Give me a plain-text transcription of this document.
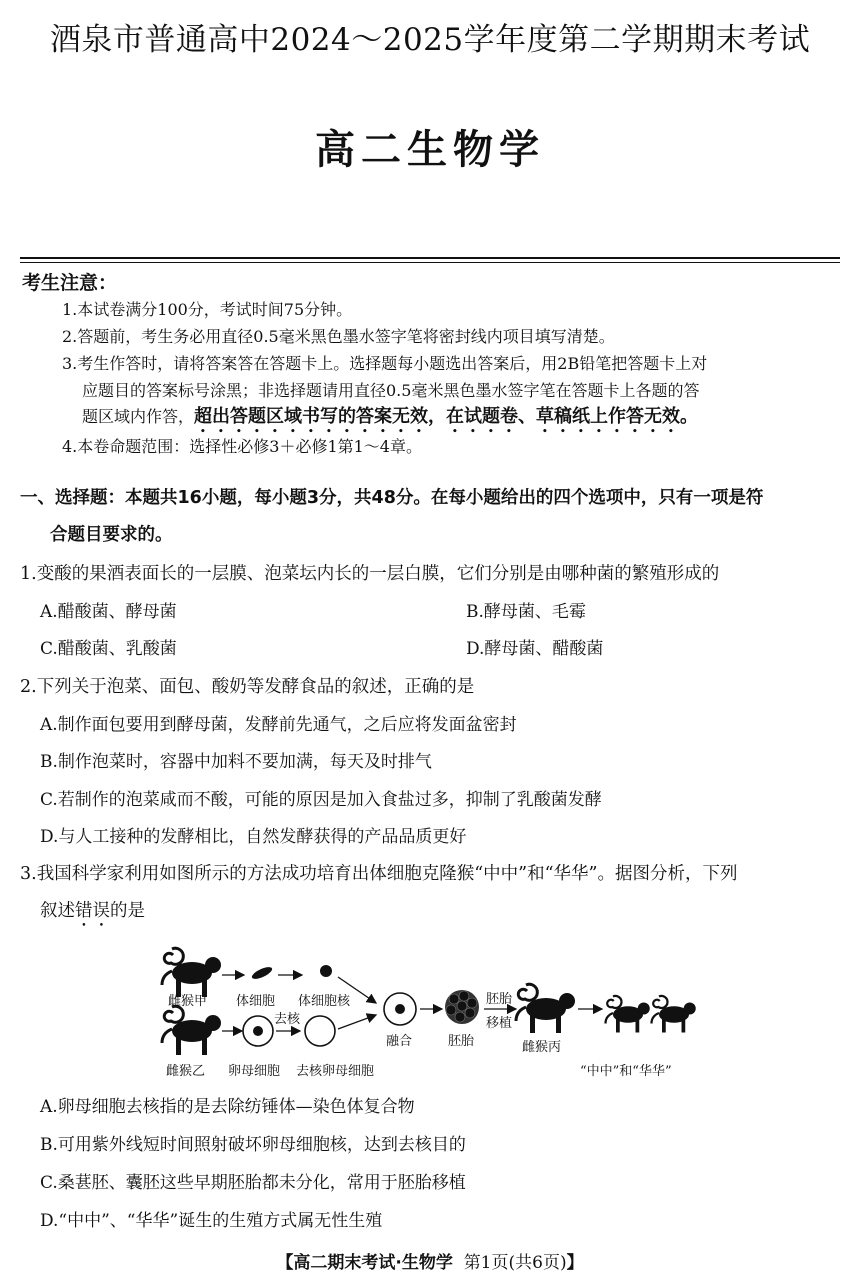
酒泉市普通高中2024～2025学年度第二学期期末考试
高二生物学
考生注意：
1.本试卷满分100分，考试时间75分钟。
2.答题前，考生务必用直径0.5毫米黑色墨水签字笔将密封线内项目填写清楚。
3.考生作答时，请将答案答在答题卡上。选择题每小题选出答案后，用2B铅笔把答题卡上对
应题目的答案标号涂黑；非选择题请用直径0.5毫米黑色墨水签字笔在答题卡上各题的答
题区域内作答，超出答题区域书写的答案无效，在试题卷、草稿纸上作答无效。
4.本卷命题范围：选择性必修3＋必修1第1～4章。
一、选择题：本题共16小题，每小题3分，共48分。在每小题给出的四个选项中，只有一项是符
合题目要求的。
1.变酸的果酒表面长的一层膜、泡菜坛内长的一层白膜，它们分别是由哪种菌的繁殖形成的
A.醋酸菌、酵母菌	B.酵母菌、毛霉
C.醋酸菌、乳酸菌	D.酵母菌、醋酸菌
2.下列关于泡菜、面包、酸奶等发酵食品的叙述，正确的是
A.制作面包要用到酵母菌，发酵前先通气，之后应将发面盆密封
B.制作泡菜时，容器中加料不要加满，每天及时排气
C.若制作的泡菜咸而不酸，可能的原因是加入食盐过多，抑制了乳酸菌发酵
D.与人工接种的发酵相比，自然发酵获得的产品品质更好
3.我国科学家利用如图所示的方法成功培育出体细胞克隆猴“中中”和“华华”。据图分析，下列
叙述错误的是
雌猴甲 体细胞 体细胞核
雌猴乙 卵母细胞
去核
去核卵母细胞
融合	胚胎
胚胎
移植
雌猴丙
“中中”和“华华”
A.卵母细胞去核指的是去除纺锤体—染色体复合物
B.可用紫外线短时间照射破坏卵母细胞核，达到去核目的
C.桑葚胚、囊胚这些早期胚胎都未分化，常用于胚胎移植
D.“中中”、“华华”诞生的生殖方式属无性生殖
【高二期末考试·生物学 第1页(共6页)】
